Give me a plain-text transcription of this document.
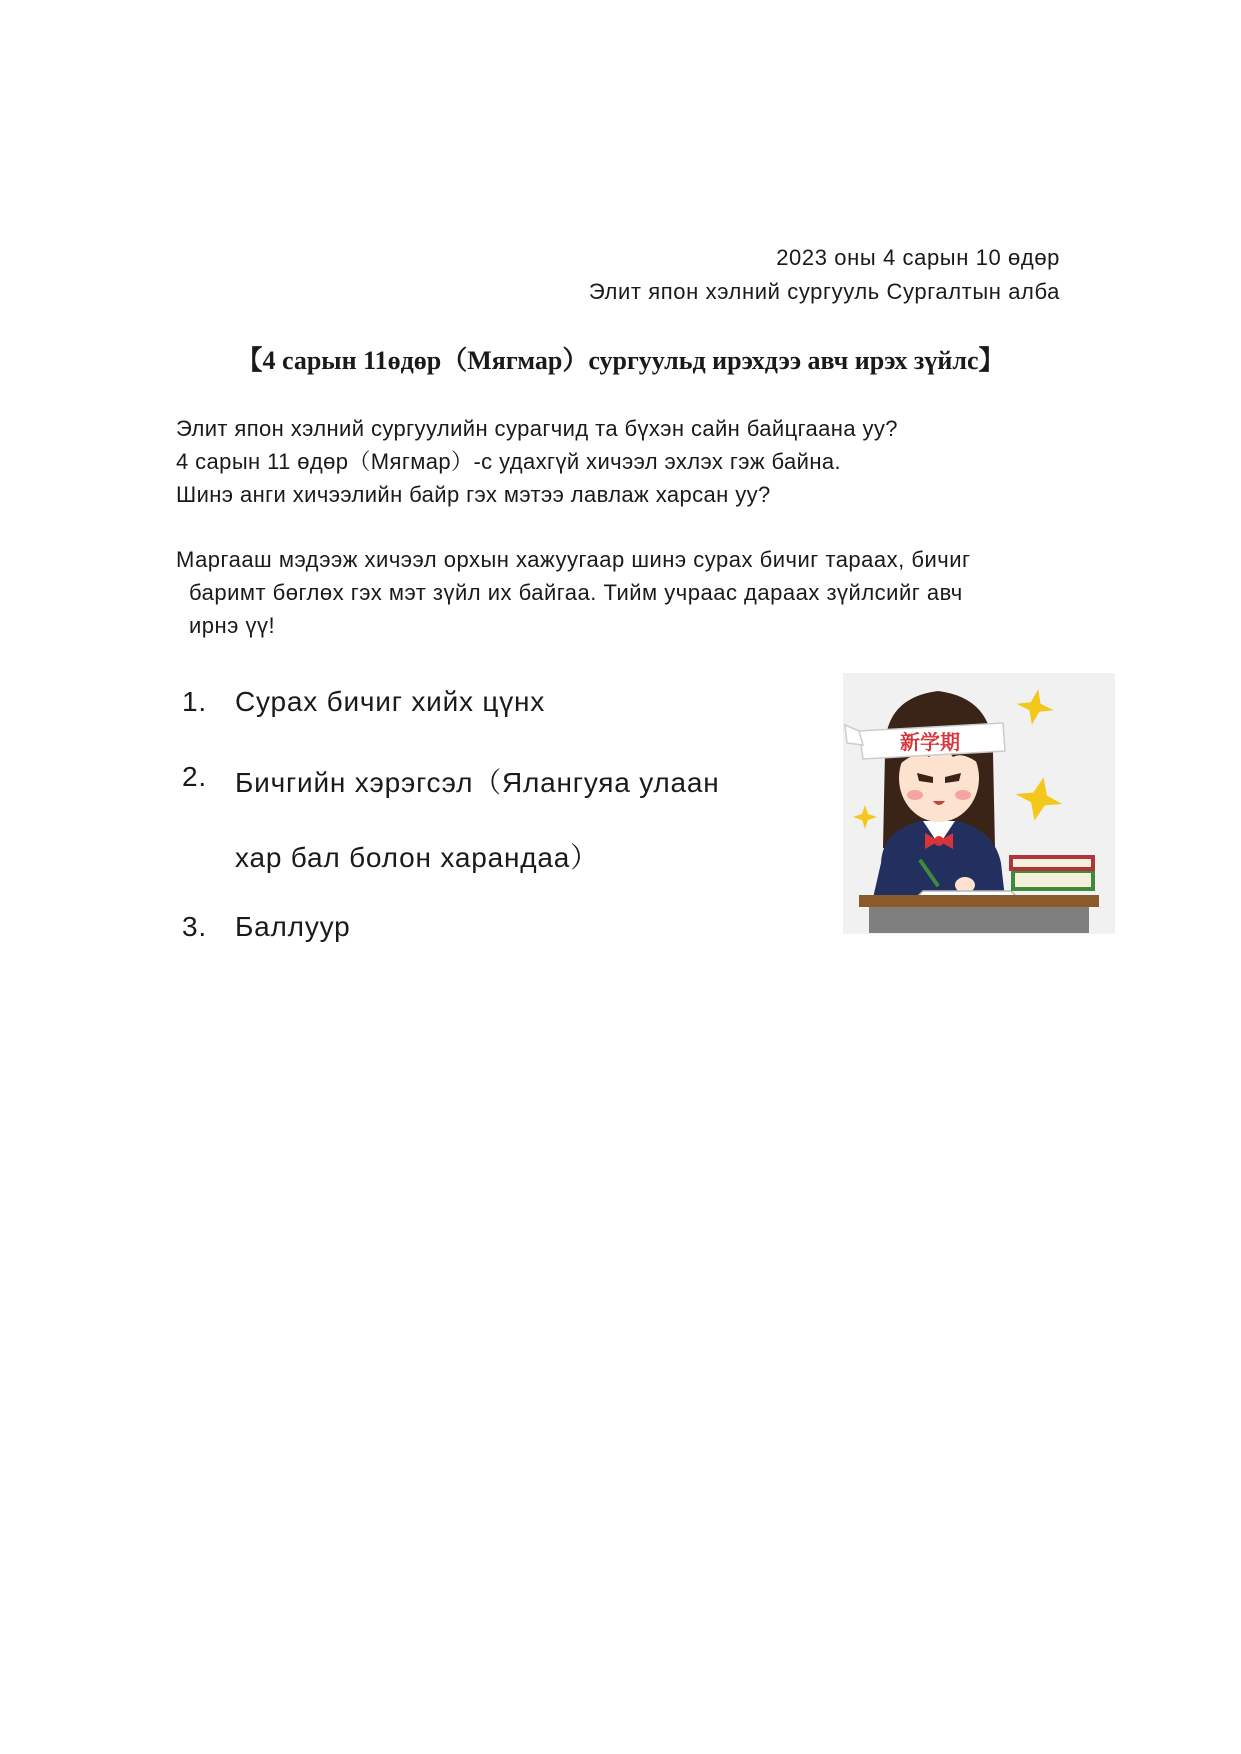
2023 оны 4 сарын 10 өдөр
Элит япон хэлний сургууль Сургалтын алба
【4 сарын 11өдөр（Мягмар）сургуульд ирэхдээ авч ирэх зүйлс】
Элит япон хэлний сургуулийн сурагчид та бүхэн сайн байцгаана уу?
4 сарын 11 өдөр（Мягмар）-с удахгүй хичээл эхлэх гэж байна.
Шинэ анги хичээлийн байр гэх мэтээ лавлаж харсан уу?
Маргааш мэдээж хичээл орхын хажуугаар шинэ сурах бичиг тараах, бичиг
баримт бөглөх гэх мэт зүйл их байгаа. Тийм учраас дараах зүйлсийг авч
ирнэ үү!
1.	Сурах бичиг хийх цүнх
2.	Бичгийн хэрэгсэл（Ялангуяа улаан
хар бал болон харандаа）
3.	Баллуур
新学期
